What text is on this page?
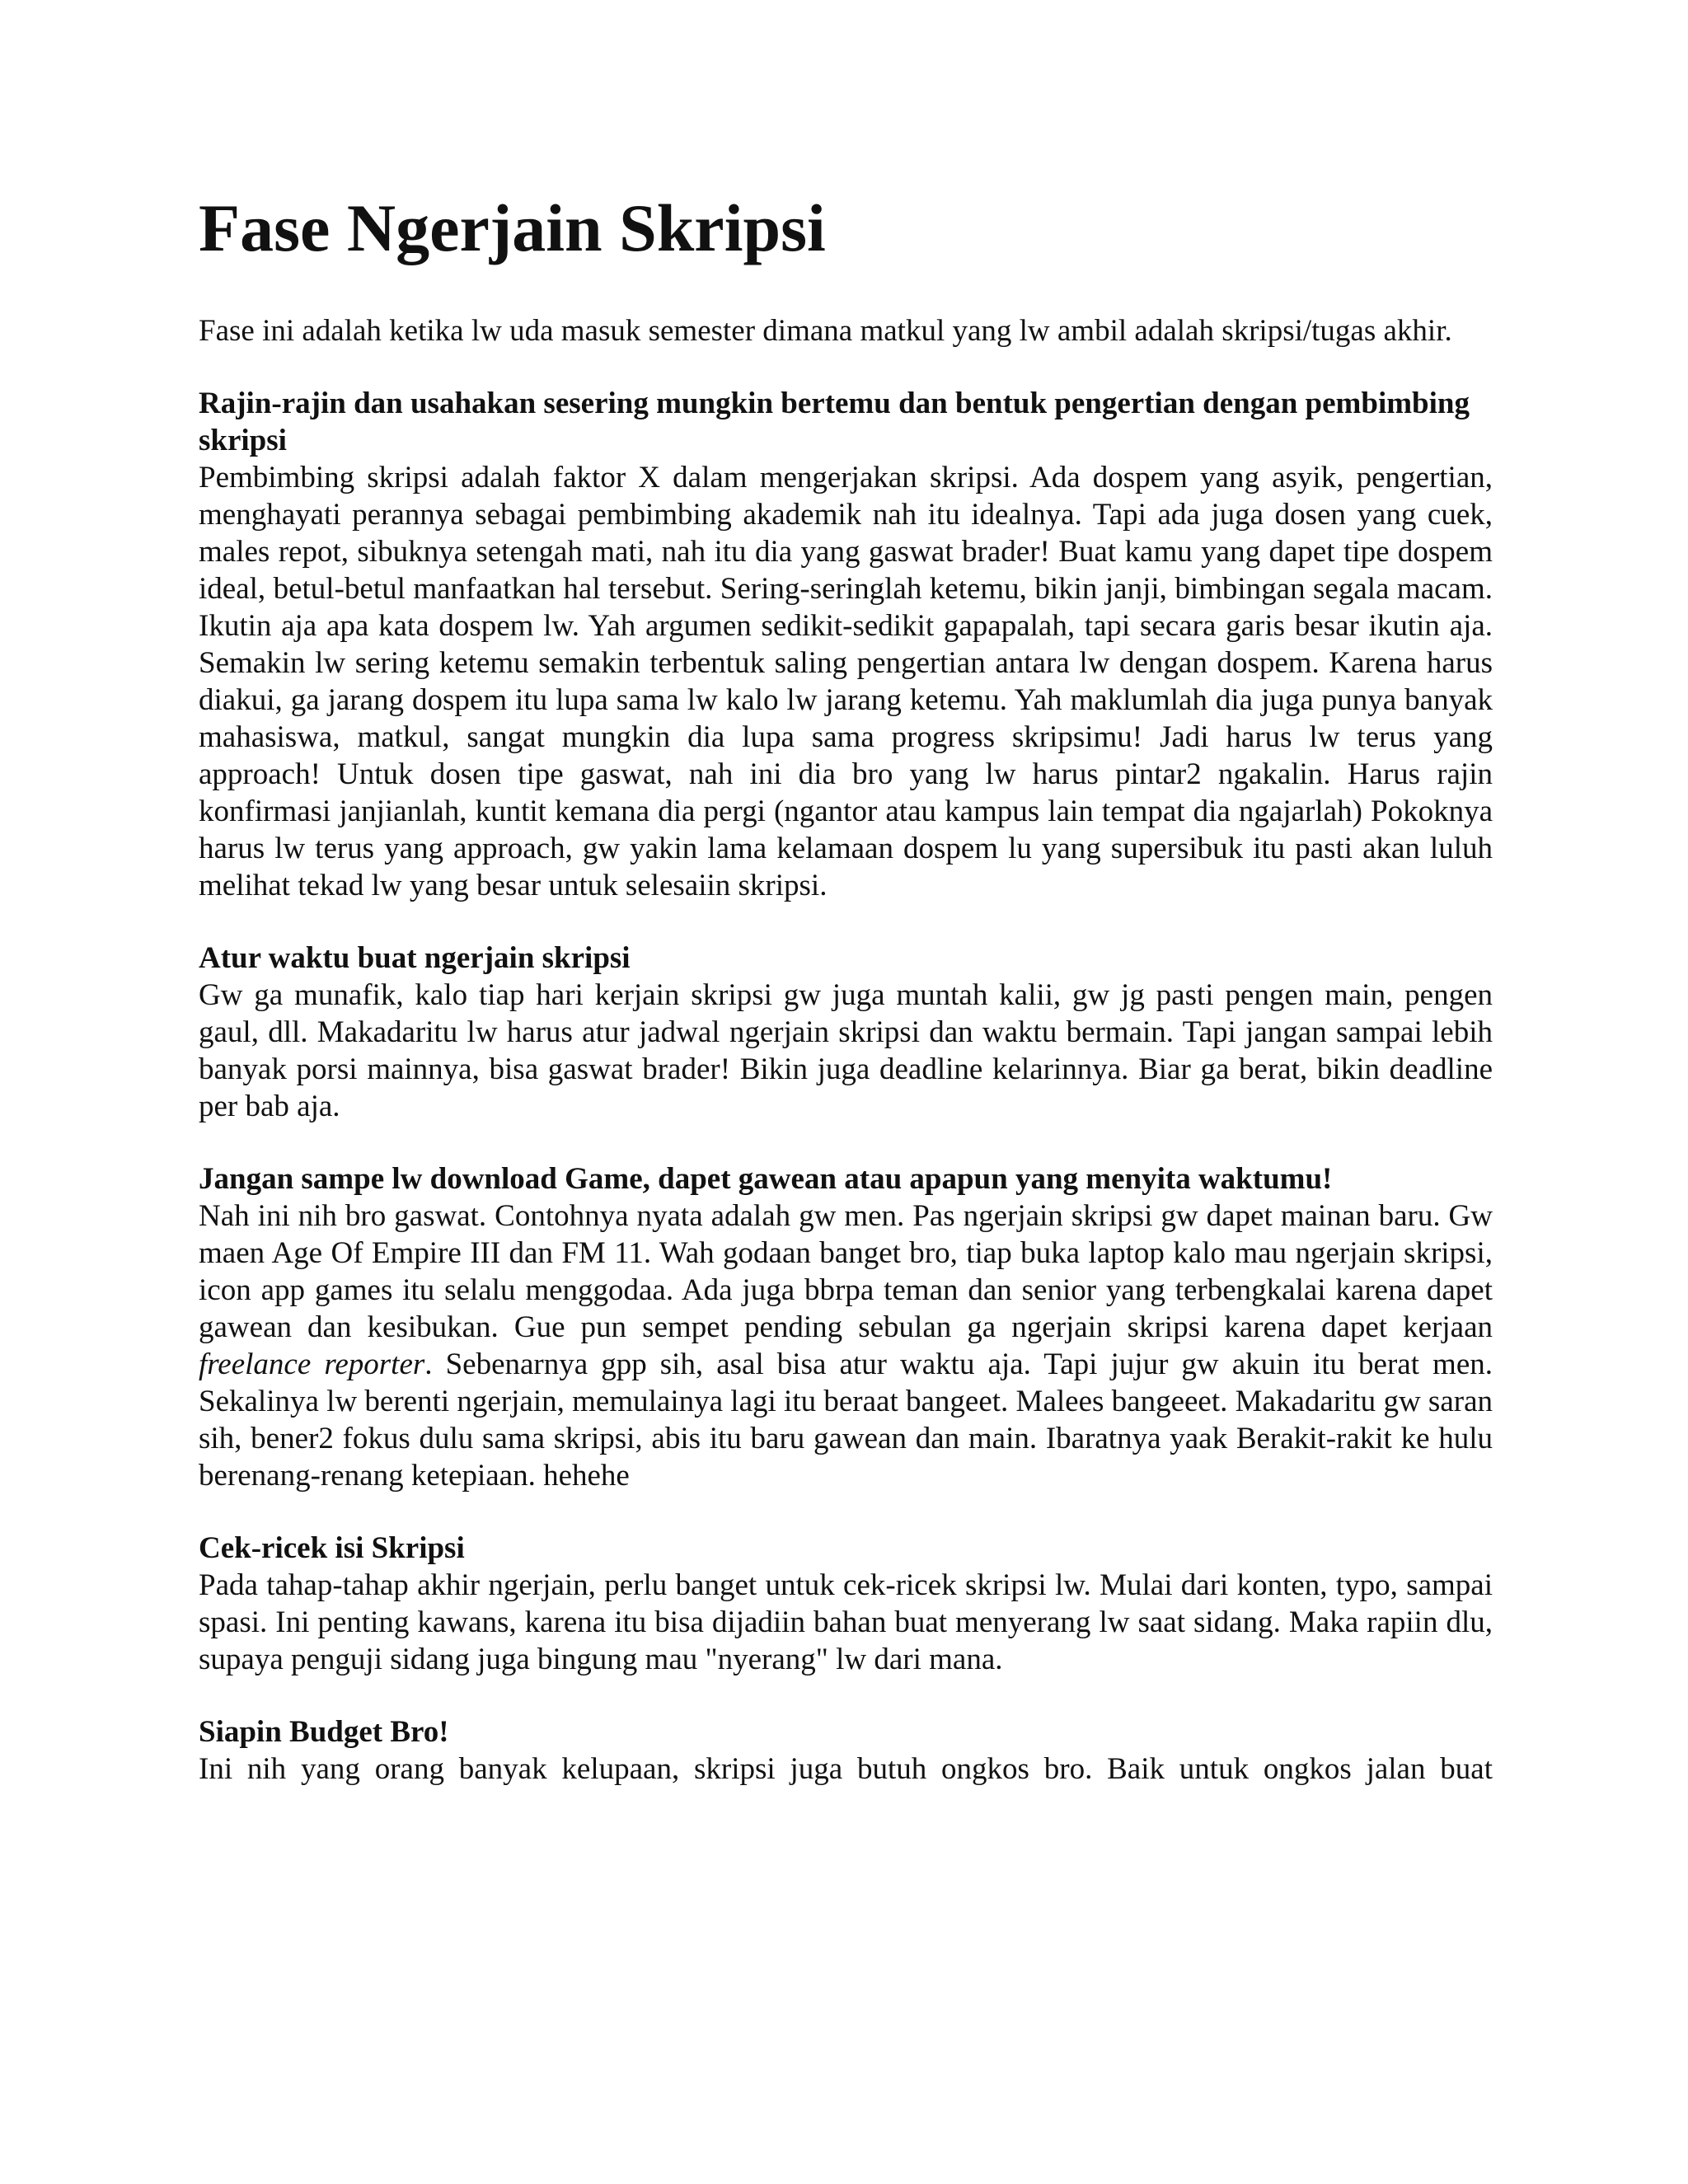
Fase Ngerjain Skripsi

Fase ini adalah ketika lw uda masuk semester dimana matkul yang lw ambil adalah skripsi/tugas akhir.

Rajin-rajin dan usahakan sesering mungkin bertemu dan bentuk pengertian dengan pembimbing skripsi

Pembimbing skripsi adalah faktor X dalam mengerjakan skripsi. Ada dospem yang asyik, pengertian, menghayati perannya sebagai pembimbing akademik nah itu idealnya. Tapi ada juga dosen yang cuek, males repot, sibuknya setengah mati, nah itu dia yang gaswat brader! Buat kamu yang dapet tipe dospem ideal, betul-betul manfaatkan hal tersebut. Sering-seringlah ketemu, bikin janji, bimbingan segala macam. Ikutin aja apa kata dospem lw. Yah argumen sedikit-sedikit gapapalah, tapi secara garis besar ikutin aja. Semakin lw sering ketemu semakin terbentuk saling pengertian antara lw dengan dospem. Karena harus diakui, ga jarang dospem itu lupa sama lw kalo lw jarang ketemu. Yah maklumlah dia juga punya banyak mahasiswa, matkul, sangat mungkin dia lupa sama progress skripsimu! Jadi harus lw terus yang approach! Untuk dosen tipe gaswat, nah ini dia bro yang lw harus pintar2 ngakalin. Harus rajin konfirmasi janjianlah, kuntit kemana dia pergi (ngantor atau kampus lain tempat dia ngajarlah) Pokoknya harus lw terus yang approach, gw yakin lama kelamaan dospem lu yang supersibuk itu pasti akan luluh melihat tekad lw yang besar untuk selesaiin skripsi.

Atur waktu buat ngerjain skripsi

Gw ga munafik, kalo tiap hari kerjain skripsi gw juga muntah kalii, gw jg pasti pengen main, pengen gaul, dll. Makadaritu lw harus atur jadwal ngerjain skripsi dan waktu bermain. Tapi jangan sampai lebih banyak porsi mainnya, bisa gaswat brader! Bikin juga deadline kelarinnya. Biar ga berat, bikin deadline per bab aja.

Jangan sampe lw download Game, dapet gawean atau apapun yang menyita waktumu!

Nah ini nih bro gaswat. Contohnya nyata adalah gw men. Pas ngerjain skripsi gw dapet mainan baru. Gw maen Age Of Empire III dan FM 11. Wah godaan banget bro, tiap buka laptop kalo mau ngerjain skripsi, icon app games itu selalu menggodaa. Ada juga bbrpa teman dan senior yang terbengkalai karena dapet gawean dan kesibukan. Gue pun sempet pending sebulan ga ngerjain skripsi karena dapet kerjaan freelance reporter. Sebenarnya gpp sih, asal bisa atur waktu aja. Tapi jujur gw akuin itu berat men. Sekalinya lw berenti ngerjain, memulainya lagi itu beraat bangeet. Malees bangeeet. Makadaritu gw saran sih, bener2 fokus dulu sama skripsi, abis itu baru gawean dan main. Ibaratnya yaak Berakit-rakit ke hulu berenang-renang ketepiaan. hehehe

Cek-ricek isi Skripsi

Pada tahap-tahap akhir ngerjain, perlu banget untuk cek-ricek skripsi lw. Mulai dari konten, typo, sampai spasi. Ini penting kawans, karena itu bisa dijadiin bahan buat menyerang lw saat sidang. Maka rapiin dlu, supaya penguji sidang juga bingung mau "nyerang" lw dari mana.

Siapin Budget Bro!

Ini nih yang orang banyak kelupaan, skripsi juga butuh ongkos bro. Baik untuk ongkos jalan buat
